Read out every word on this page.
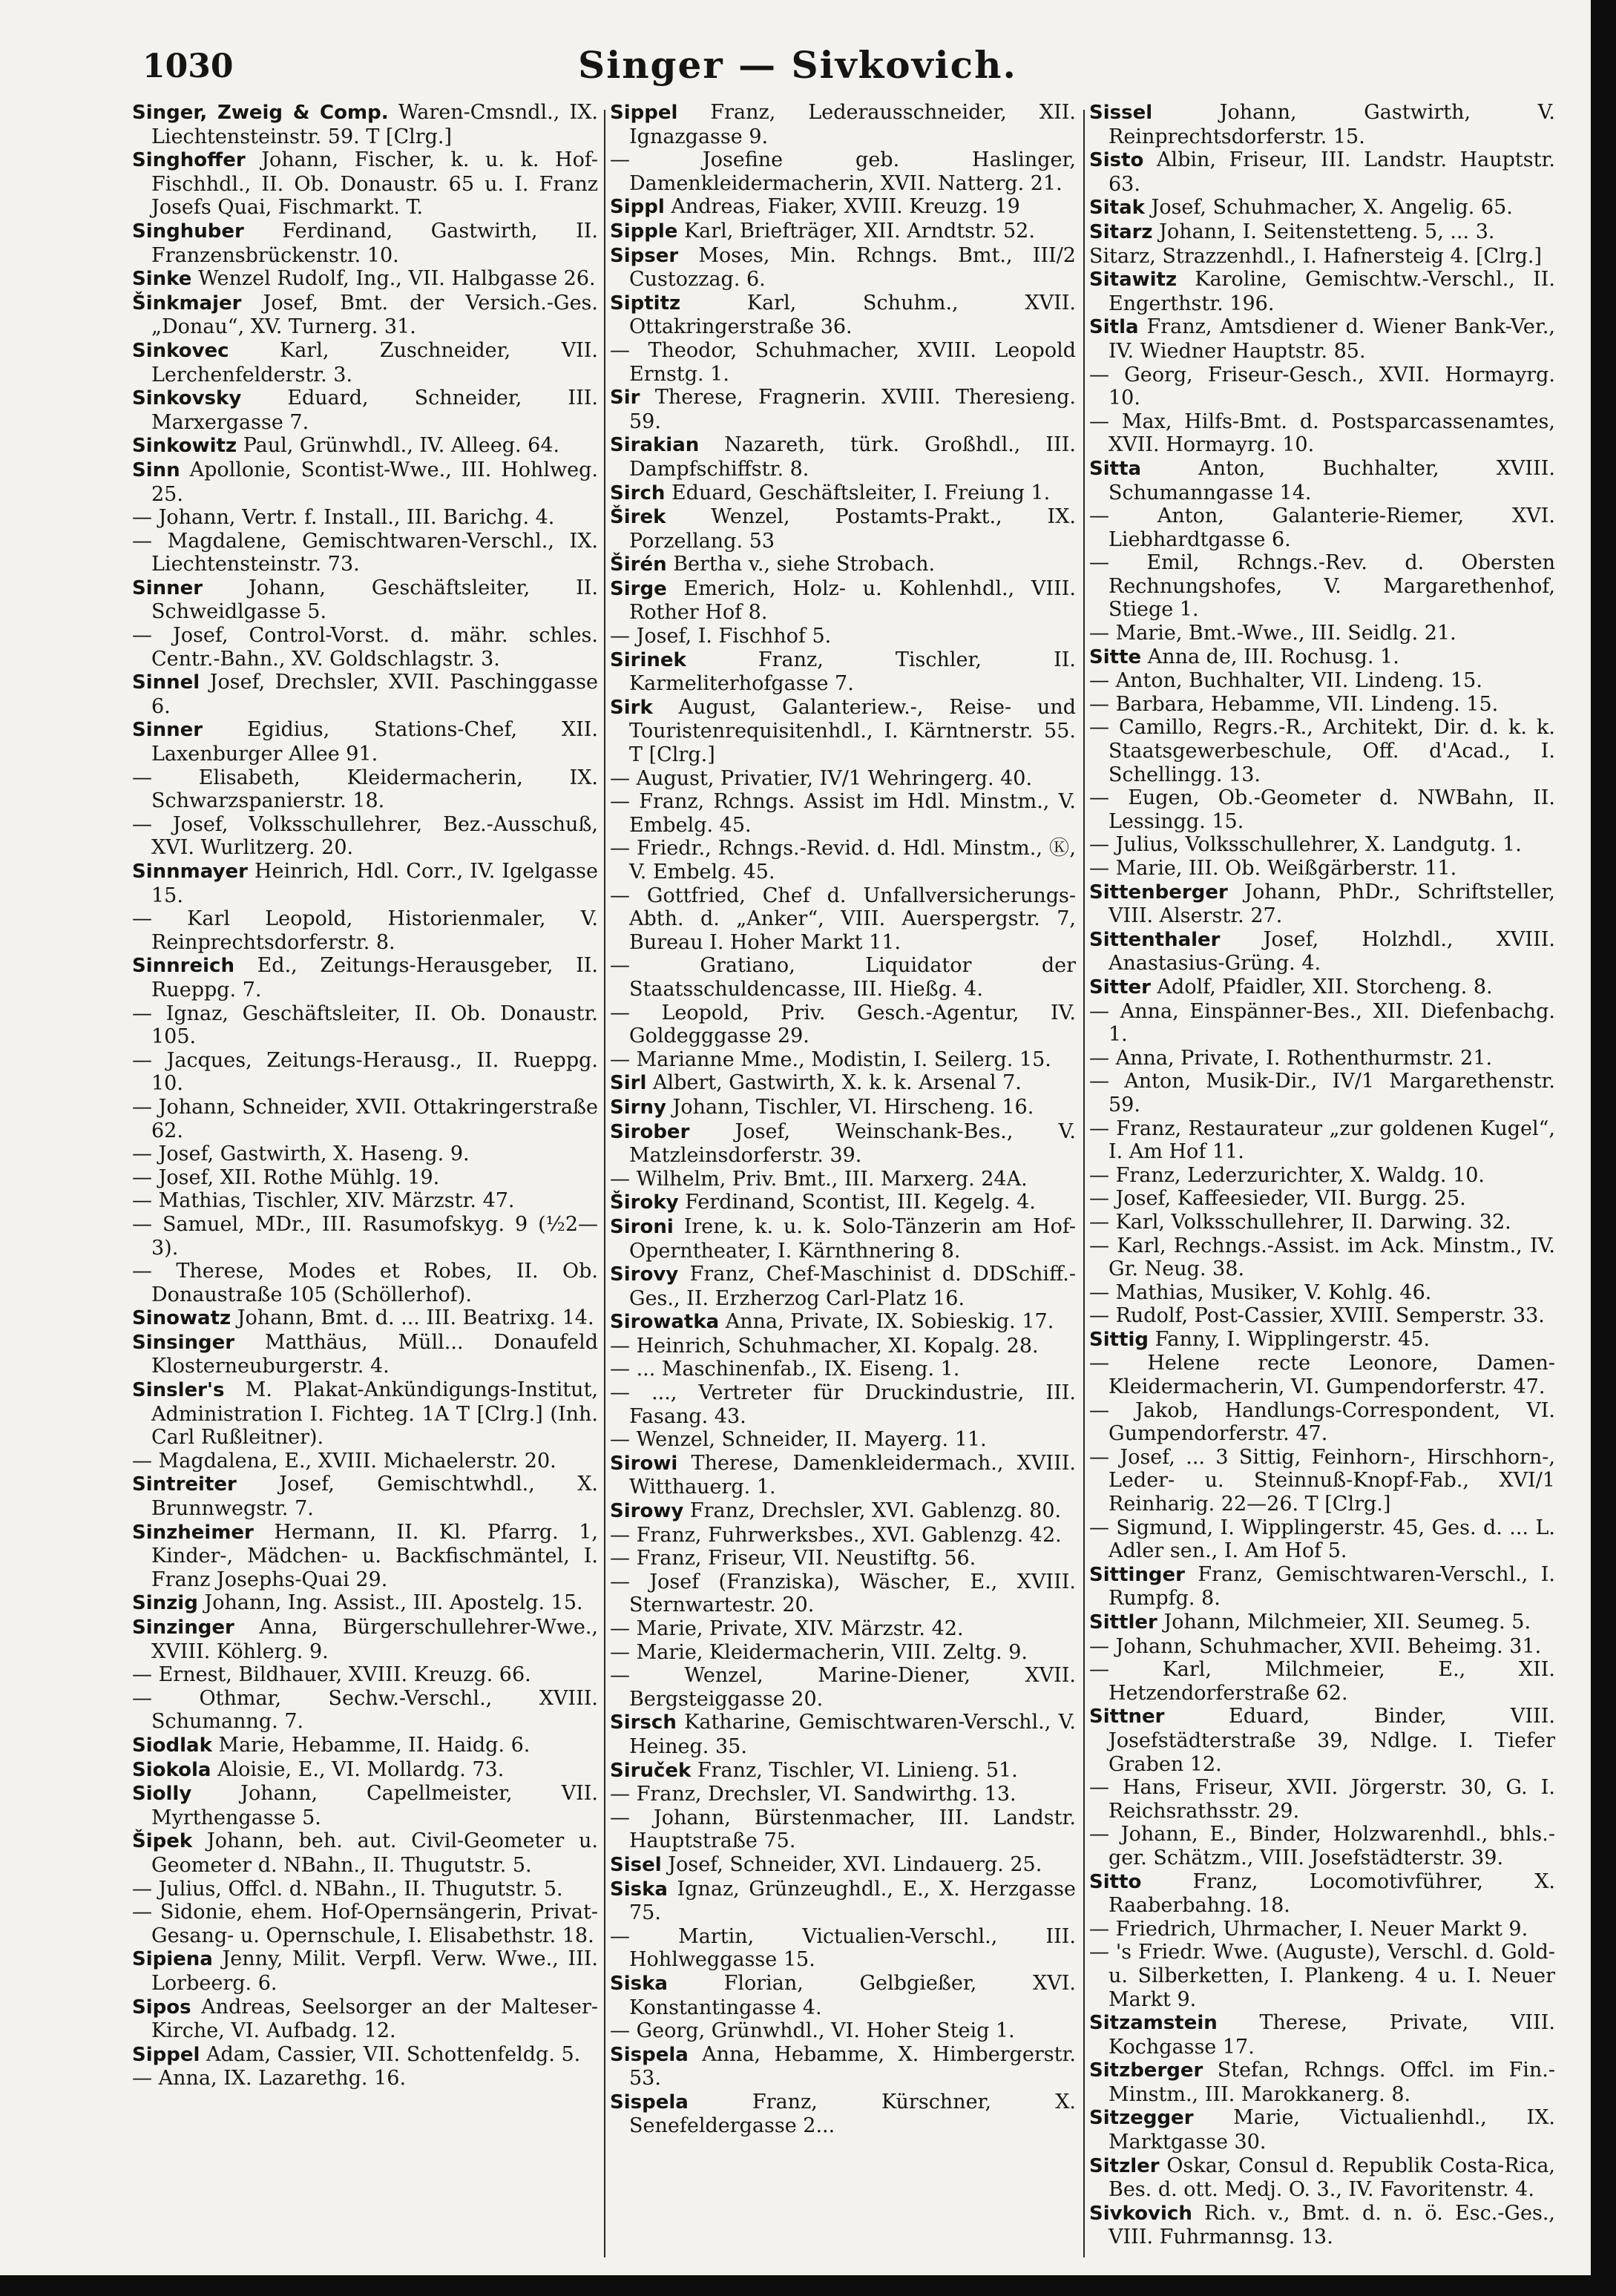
1030	Singer — Sivkovich.
Singer, Zweig & Comp. Waren-Cmsndl., IX. Liechtensteinstr. 59. T [Clrg.]
Singhoffer Johann, Fischer, k. u. k. Hof-Fischhdl., II. Ob. Donaustr. 65 u. I. Franz Josefs Quai, Fischmarkt. T.
Singhuber Ferdinand, Gastwirth, II. Franzensbrückenstr. 10.
Sinke Wenzel Rudolf, Ing., VII. Halbgasse 26.
Šinkmajer Josef, Bmt. der Versich.-Ges. „Donau“, XV. Turnerg. 31.
Sinkovec Karl, Zuschneider, VII. Lerchenfelderstr. 3.
Sinkovsky Eduard, Schneider, III. Marxergasse 7.
Sinkowitz Paul, Grünwhdl., IV. Alleeg. 64.
Sinn Apollonie, Scontist-Wwe., III. Hohlweg. 25.
— Johann, Vertr. f. Install., III. Barichg. 4.
— Magdalene, Gemischtwaren-Verschl., IX. Liechtensteinstr. 73.
Sinner Johann, Geschäftsleiter, II. Schweidlgasse 5.
— Josef, Control-Vorst. d. mähr. schles. Centr.-Bahn., XV. Goldschlagstr. 3.
Sinnel Josef, Drechsler, XVII. Paschinggasse 6.
Sinner Egidius, Stations-Chef, XII. Laxenburger Allee 91.
— Elisabeth, Kleidermacherin, IX. Schwarzspanierstr. 18.
— Josef, Volksschullehrer, Bez.-Ausschuß, XVI. Wurlitzerg. 20.
Sinnmayer Heinrich, Hdl. Corr., IV. Igelgasse 15.
— Karl Leopold, Historienmaler, V. Reinprechtsdorferstr. 8.
Sinnreich Ed., Zeitungs-Herausgeber, II. Rueppg. 7.
— Ignaz, Geschäftsleiter, II. Ob. Donaustr. 105.
— Jacques, Zeitungs-Herausg., II. Rueppg. 10.
— Johann, Schneider, XVII. Ottakringerstraße 62.
— Josef, Gastwirth, X. Haseng. 9.
— Josef, XII. Rothe Mühlg. 19.
— Mathias, Tischler, XIV. Märzstr. 47.
— Samuel, MDr., III. Rasumofskyg. 9 (½2—3).
— Therese, Modes et Robes, II. Ob. Donaustraße 105 (Schöllerhof).
Sinowatz Johann, Bmt. d. ... III. Beatrixg. 14.
Sinsinger Matthäus, Müll... Donaufeld Klosterneuburgerstr. 4.
Sinsler's M. Plakat-Ankündigungs-Institut, Administration I. Fichteg. 1A T [Clrg.] (Inh. Carl Rußleitner).
— Magdalena, E., XVIII. Michaelerstr. 20.
Sintreiter Josef, Gemischtwhdl., X. Brunnwegstr. 7.
Sinzheimer Hermann, II. Kl. Pfarrg. 1, Kinder-, Mädchen- u. Backfischmäntel, I. Franz Josephs-Quai 29.
Sinzig Johann, Ing. Assist., III. Apostelg. 15.
Sinzinger Anna, Bürgerschullehrer-Wwe., XVIII. Köhlerg. 9.
— Ernest, Bildhauer, XVIII. Kreuzg. 66.
— Othmar, Sechw.-Verschl., XVIII. Schumanng. 7.
Siodlak Marie, Hebamme, II. Haidg. 6.
Siokola Aloisie, E., VI. Mollardg. 73.
Siolly Johann, Capellmeister, VII. Myrthengasse 5.
Šipek Johann, beh. aut. Civil-Geometer u. Geometer d. NBahn., II. Thugutstr. 5.
— Julius, Offcl. d. NBahn., II. Thugutstr. 5.
— Sidonie, ehem. Hof-Opernsängerin, Privat-Gesang- u. Opernschule, I. Elisabethstr. 18.
Sipiena Jenny, Milit. Verpfl. Verw. Wwe., III. Lorbeerg. 6.
Sipos Andreas, Seelsorger an der Malteser-Kirche, VI. Aufbadg. 12.
Sippel Adam, Cassier, VII. Schottenfeldg. 5.
— Anna, IX. Lazarethg. 16.
Sippel Franz, Lederausschneider, XII. Ignazgasse 9.
— Josefine geb. Haslinger, Damenkleidermacherin, XVII. Natterg. 21.
Sippl Andreas, Fiaker, XVIII. Kreuzg. 19
Sipple Karl, Briefträger, XII. Arndtstr. 52.
Sipser Moses, Min. Rchngs. Bmt., III/2 Custozzag. 6.
Siptitz Karl, Schuhm., XVII. Ottakringerstraße 36.
— Theodor, Schuhmacher, XVIII. Leopold Ernstg. 1.
Sir Therese, Fragnerin. XVIII. Theresieng. 59.
Sirakian Nazareth, türk. Großhdl., III. Dampfschiffstr. 8.
Sirch Eduard, Geschäftsleiter, I. Freiung 1.
Širek Wenzel, Postamts-Prakt., IX. Porzellang. 53
Širén Bertha v., siehe Strobach.
Sirge Emerich, Holz- u. Kohlenhdl., VIII. Rother Hof 8.
— Josef, I. Fischhof 5.
Sirinek Franz, Tischler, II. Karmeliterhofgasse 7.
Sirk August, Galanteriew.-, Reise- und Touristenrequisitenhdl., I. Kärntnerstr. 55. T [Clrg.]
— August, Privatier, IV/1 Wehringerg. 40.
— Franz, Rchngs. Assist im Hdl. Minstm., V. Embelg. 45.
— Friedr., Rchngs.-Revid. d. Hdl. Minstm., Ⓚ, V. Embelg. 45.
— Gottfried, Chef d. Unfallversicherungs-Abth. d. „Anker“, VIII. Auerspergstr. 7, Bureau I. Hoher Markt 11.
— Gratiano, Liquidator der Staatsschuldencasse, III. Hießg. 4.
— Leopold, Priv. Gesch.-Agentur, IV. Goldegggasse 29.
— Marianne Mme., Modistin, I. Seilerg. 15.
Sirl Albert, Gastwirth, X. k. k. Arsenal 7.
Sirny Johann, Tischler, VI. Hirscheng. 16.
Sirober Josef, Weinschank-Bes., V. Matzleinsdorferstr. 39.
— Wilhelm, Priv. Bmt., III. Marxerg. 24A.
Široky Ferdinand, Scontist, III. Kegelg. 4.
Sironi Irene, k. u. k. Solo-Tänzerin am Hof-Operntheater, I. Kärnthnering 8.
Sirovy Franz, Chef-Maschinist d. DDSchiff.-Ges., II. Erzherzog Carl-Platz 16.
Sirowatka Anna, Private, IX. Sobieskig. 17.
— Heinrich, Schuhmacher, XI. Kopalg. 28.
— ... Maschinenfab., IX. Eiseng. 1.
— ..., Vertreter für Druckindustrie, III. Fasang. 43.
— Wenzel, Schneider, II. Mayerg. 11.
Sirowi Therese, Damenkleidermach., XVIII. Witthauerg. 1.
Sirowy Franz, Drechsler, XVI. Gablenzg. 80.
— Franz, Fuhrwerksbes., XVI. Gablenzg. 42.
— Franz, Friseur, VII. Neustiftg. 56.
— Josef (Franziska), Wäscher, E., XVIII. Sternwartestr. 20.
— Marie, Private, XIV. Märzstr. 42.
— Marie, Kleidermacherin, VIII. Zeltg. 9.
— Wenzel, Marine-Diener, XVII. Bergsteiggasse 20.
Sirsch Katharine, Gemischtwaren-Verschl., V. Heineg. 35.
Siruček Franz, Tischler, VI. Linieng. 51.
— Franz, Drechsler, VI. Sandwirthg. 13.
— Johann, Bürstenmacher, III. Landstr. Hauptstraße 75.
Sisel Josef, Schneider, XVI. Lindauerg. 25.
Siska Ignaz, Grünzeughdl., E., X. Herzgasse 75.
— Martin, Victualien-Verschl., III. Hohlweggasse 15.
Siska Florian, Gelbgießer, XVI. Konstantingasse 4.
— Georg, Grünwhdl., VI. Hoher Steig 1.
Sispela Anna, Hebamme, X. Himbergerstr. 53.
Sispela Franz, Kürschner, X. Senefeldergasse 2...
Sissel Johann, Gastwirth, V. Reinprechtsdorferstr. 15.
Sisto Albin, Friseur, III. Landstr. Hauptstr. 63.
Sitak Josef, Schuhmacher, X. Angelig. 65.
Sitarz Johann, I. Seitenstetteng. 5, ... 3.
Sitarz, Strazzenhdl., I. Hafnersteig 4. [Clrg.]
Sitawitz Karoline, Gemischtw.-Verschl., II. Engerthstr. 196.
Sitla Franz, Amtsdiener d. Wiener Bank-Ver., IV. Wiedner Hauptstr. 85.
— Georg, Friseur-Gesch., XVII. Hormayrg. 10.
— Max, Hilfs-Bmt. d. Postsparcassenamtes, XVII. Hormayrg. 10.
Sitta Anton, Buchhalter, XVIII. Schumanngasse 14.
— Anton, Galanterie-Riemer, XVI. Liebhardtgasse 6.
— Emil, Rchngs.-Rev. d. Obersten Rechnungshofes, V. Margarethenhof, Stiege 1.
— Marie, Bmt.-Wwe., III. Seidlg. 21.
Sitte Anna de, III. Rochusg. 1.
— Anton, Buchhalter, VII. Lindeng. 15.
— Barbara, Hebamme, VII. Lindeng. 15.
— Camillo, Regrs.-R., Architekt, Dir. d. k. k. Staatsgewerbeschule, Off. d'Acad., I. Schellingg. 13.
— Eugen, Ob.-Geometer d. NWBahn, II. Lessingg. 15.
— Julius, Volksschullehrer, X. Landgutg. 1.
— Marie, III. Ob. Weißgärberstr. 11.
Sittenberger Johann, PhDr., Schriftsteller, VIII. Alserstr. 27.
Sittenthaler Josef, Holzhdl., XVIII. Anastasius-Grüng. 4.
Sitter Adolf, Pfaidler, XII. Storcheng. 8.
— Anna, Einspänner-Bes., XII. Diefenbachg. 1.
— Anna, Private, I. Rothenthurmstr. 21.
— Anton, Musik-Dir., IV/1 Margarethenstr. 59.
— Franz, Restaurateur „zur goldenen Kugel“, I. Am Hof 11.
— Franz, Lederzurichter, X. Waldg. 10.
— Josef, Kaffeesieder, VII. Burgg. 25.
— Karl, Volksschullehrer, II. Darwing. 32.
— Karl, Rechngs.-Assist. im Ack. Minstm., IV. Gr. Neug. 38.
— Mathias, Musiker, V. Kohlg. 46.
— Rudolf, Post-Cassier, XVIII. Semperstr. 33.
Sittig Fanny, I. Wipplingerstr. 45.
— Helene recte Leonore, Damen-Kleidermacherin, VI. Gumpendorferstr. 47.
— Jakob, Handlungs-Correspondent, VI. Gumpendorferstr. 47.
— Josef, ... 3 Sittig, Feinhorn-, Hirschhorn-, Leder- u. Steinnuß-Knopf-Fab., XVI/1 Reinharig. 22—26. T [Clrg.]
— Sigmund, I. Wipplingerstr. 45, Ges. d. ... L. Adler sen., I. Am Hof 5.
Sittinger Franz, Gemischtwaren-Verschl., I. Rumpfg. 8.
Sittler Johann, Milchmeier, XII. Seumeg. 5.
— Johann, Schuhmacher, XVII. Beheimg. 31.
— Karl, Milchmeier, E., XII. Hetzendorferstraße 62.
Sittner Eduard, Binder, VIII. Josefstädterstraße 39, Ndlge. I. Tiefer Graben 12.
— Hans, Friseur, XVII. Jörgerstr. 30, G. I. Reichsrathsstr. 29.
— Johann, E., Binder, Holzwarenhdl., bhls.-ger. Schätzm., VIII. Josefstädterstr. 39.
Sitto Franz, Locomotivführer, X. Raaberbahng. 18.
— Friedrich, Uhrmacher, I. Neuer Markt 9.
— 's Friedr. Wwe. (Auguste), Verschl. d. Gold- u. Silberketten, I. Plankeng. 4 u. I. Neuer Markt 9.
Sitzamstein Therese, Private, VIII. Kochgasse 17.
Sitzberger Stefan, Rchngs. Offcl. im Fin.-Minstm., III. Marokkanerg. 8.
Sitzegger Marie, Victualienhdl., IX. Marktgasse 30.
Sitzler Oskar, Consul d. Republik Costa-Rica, Bes. d. ott. Medj. O. 3., IV. Favoritenstr. 4.
Sivkovich Rich. v., Bmt. d. n. ö. Esc.-Ges., VIII. Fuhrmannsg. 13.
